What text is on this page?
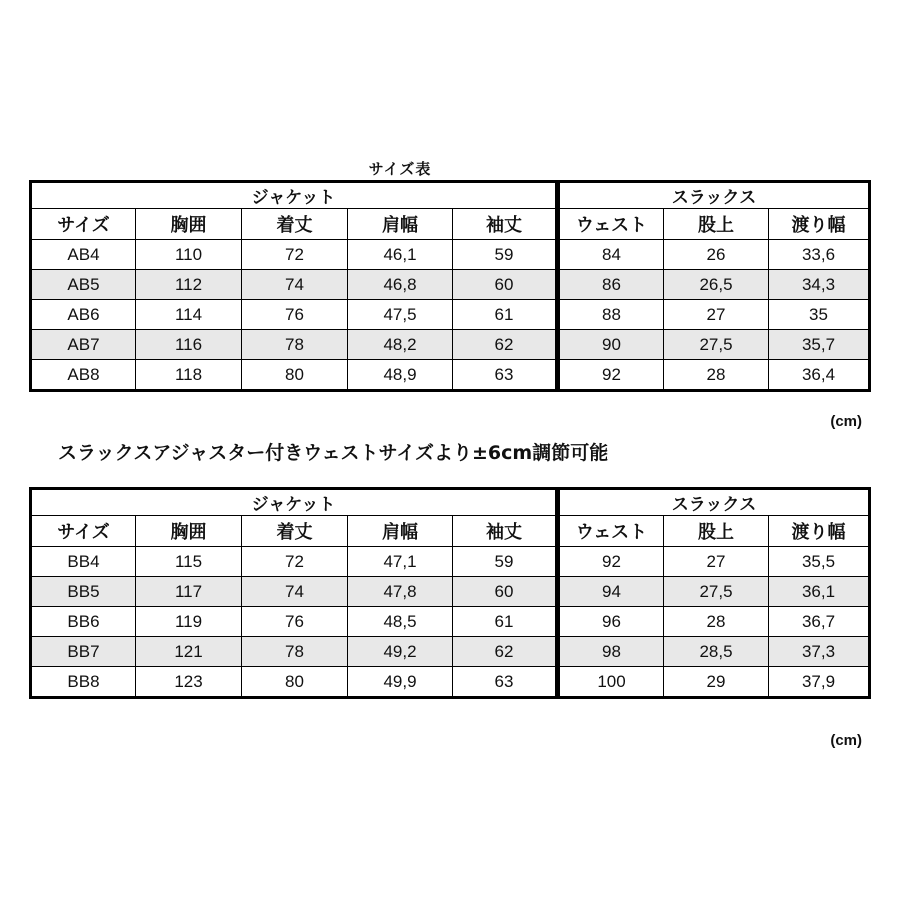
サイズ表
ジャケット					スラックス		
サイズ	胸囲	着丈	肩幅	袖丈	ウェスト	股上	渡り幅
AB4	110	72	46,1	59	84	26	33,6
AB5	112	74	46,8	60	86	26,5	34,3
AB6	114	76	47,5	61	88	27	35
AB7	116	78	48,2	62	90	27,5	35,7
AB8	118	80	48,9	63	92	28	36,4
(cm)
スラックスアジャスター付きウェストサイズより±6cm調節可能
ジャケット					スラックス		
サイズ	胸囲	着丈	肩幅	袖丈	ウェスト	股上	渡り幅
BB4	115	72	47,1	59	92	27	35,5
BB5	117	74	47,8	60	94	27,5	36,1
BB6	119	76	48,5	61	96	28	36,7
BB7	121	78	49,2	62	98	28,5	37,3
BB8	123	80	49,9	63	100	29	37,9
(cm)
